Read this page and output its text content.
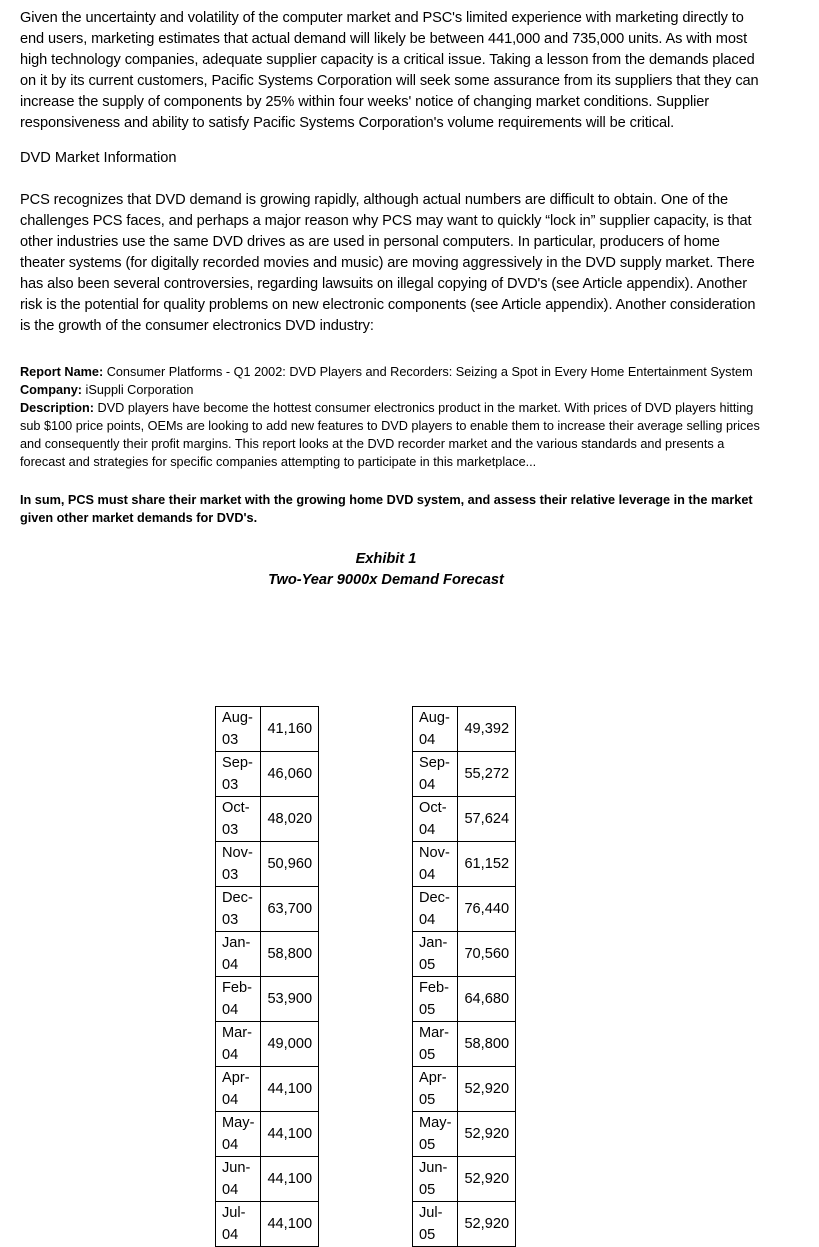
Given the uncertainty and volatility of the computer market and PSC's limited experience with marketing directly to end users, marketing estimates that actual demand will likely be between 441,000 and 735,000 units. As with most high technology companies, adequate supplier capacity is a critical issue. Taking a lesson from the demands placed on it by its current customers, Pacific Systems Corporation will seek some assurance from its suppliers that they can increase the supply of components by 25% within four weeks' notice of changing market conditions. Supplier responsiveness and ability to satisfy Pacific Systems Corporation's volume requirements will be critical.

DVD Market Information

PCS recognizes that DVD demand is growing rapidly, although actual numbers are difficult to obtain. One of the challenges PCS faces, and perhaps a major reason why PCS may want to quickly “lock in” supplier capacity, is that other industries use the same DVD drives as are used in personal computers. In particular, producers of home theater systems (for digitally recorded movies and music) are moving aggressively in the DVD supply market. There has also been several controversies, regarding lawsuits on illegal copying of DVD's (see Article appendix). Another risk is the potential for quality problems on new electronic components (see Article appendix). Another consideration is the growth of the consumer electronics DVD industry:

Report Name: Consumer Platforms - Q1 2002: DVD Players and Recorders: Seizing a Spot in Every Home Entertainment System
Company: iSuppli Corporation
Description: DVD players have become the hottest consumer electronics product in the market. With prices of DVD players hitting sub $100 price points, OEMs are looking to add new features to DVD players to enable them to increase their average selling prices and consequently their profit margins. This report looks at the DVD recorder market and the various standards and presents a forecast and strategies for specific companies attempting to participate in this marketplace...

In sum, PCS must share their market with the growing home DVD system, and assess their relative leverage in the market given other market demands for DVD's.

Exhibit 1
Two-Year 9000x Demand Forecast
Aug-03	41,160
Sep-03	46,060
Oct-03	48,020
Nov-03	50,960
Dec-03	63,700
Jan-04	58,800
Feb-04	53,900
Mar-04	49,000
Apr-04	44,100
May-04	44,100
Jun-04	44,100
Jul-04	44,100
Aug-04	49,392
Sep-04	55,272
Oct-04	57,624
Nov-04	61,152
Dec-04	76,440
Jan-05	70,560
Feb-05	64,680
Mar-05	58,800
Apr-05	52,920
May-05	52,920
Jun-05	52,920
Jul-05	52,920
